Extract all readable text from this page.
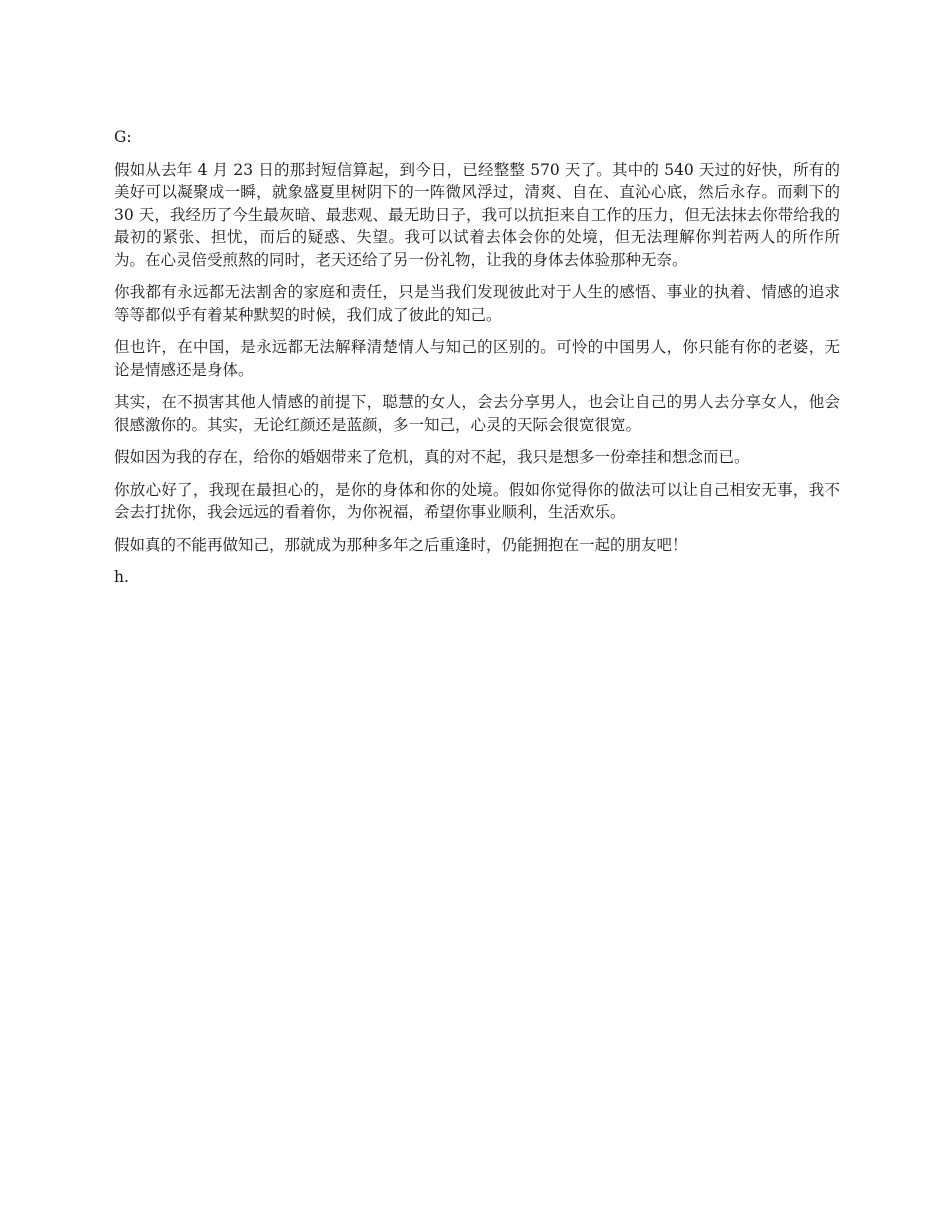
G:

假如从去年 4 月 23 日的那封短信算起，到今日，已经整整 570 天了。其中的 540 天过的好快，所有的美好可以凝聚成一瞬，就象盛夏里树阴下的一阵微风浮过，清爽、自在、直沁心底，然后永存。而剩下的 30 天，我经历了今生最灰暗、最悲观、最无助日子，我可以抗拒来自工作的压力，但无法抹去你带给我的最初的紧张、担忧，而后的疑惑、失望。我可以试着去体会你的处境，但无法理解你判若两人的所作所为。在心灵倍受煎熬的同时，老天还给了另一份礼物，让我的身体去体验那种无奈。

你我都有永远都无法割舍的家庭和责任，只是当我们发现彼此对于人生的感悟、事业的执着、情感的追求等等都似乎有着某种默契的时候，我们成了彼此的知己。

但也许，在中国，是永远都无法解释清楚情人与知己的区别的。可怜的中国男人，你只能有你的老婆，无论是情感还是身体。

其实，在不损害其他人情感的前提下，聪慧的女人，会去分享男人，也会让自己的男人去分享女人，他会很感激你的。其实，无论红颜还是蓝颜，多一知己，心灵的天际会很宽很宽。

假如因为我的存在，给你的婚姻带来了危机，真的对不起，我只是想多一份牵挂和想念而已。

你放心好了，我现在最担心的，是你的身体和你的处境。假如你觉得你的做法可以让自己相安无事，我不会去打扰你，我会远远的看着你，为你祝福，希望你事业顺利，生活欢乐。

假如真的不能再做知己，那就成为那种多年之后重逢时，仍能拥抱在一起的朋友吧！

h.
